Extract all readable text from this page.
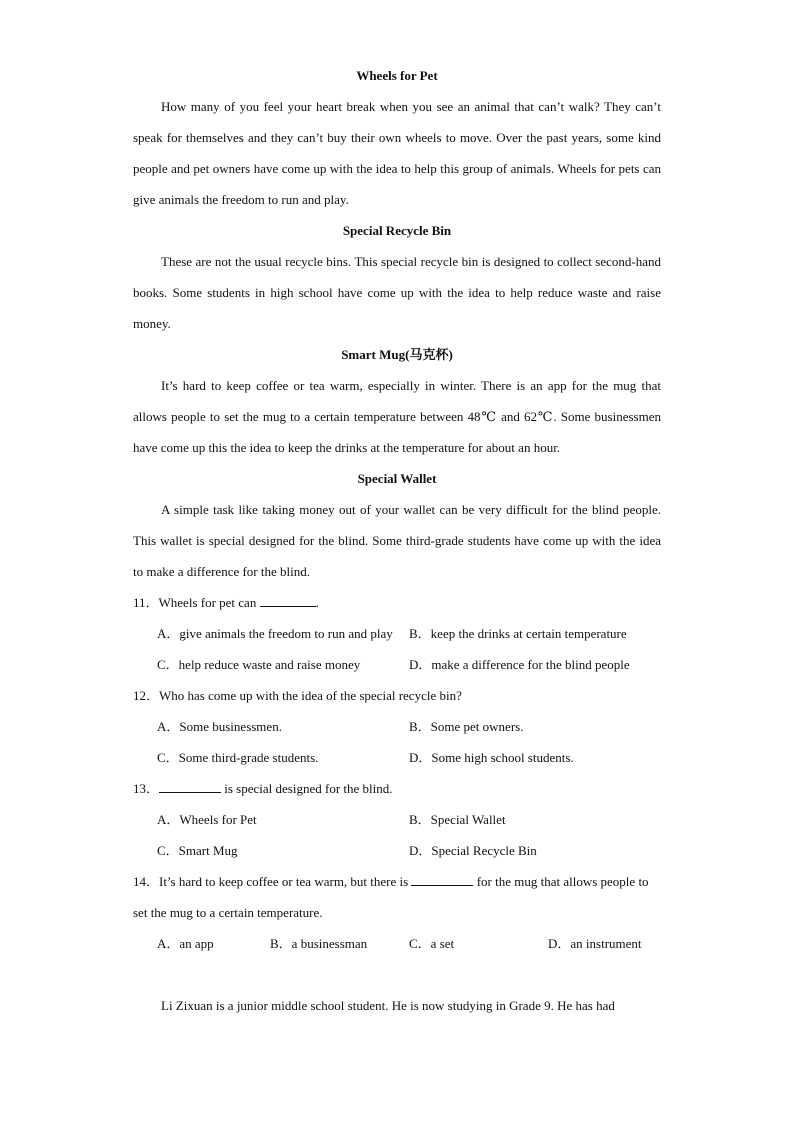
Wheels for Pet

How many of you feel your heart break when you see an animal that can’t walk? They can’t speak for themselves and they can’t buy their own wheels to move. Over the past years, some kind people and pet owners have come up with the idea to help this group of animals. Wheels for pets can give animals the freedom to run and play.

Special Recycle Bin

These are not the usual recycle bins. This special recycle bin is designed to collect second-hand books. Some students in high school have come up with the idea to help reduce waste and raise money.

Smart Mug(马克杯)

It’s hard to keep coffee or tea warm, especially in winter. There is an app for the mug that allows people to set the mug to a certain temperature between 48℃ and 62℃. Some businessmen have come up this the idea to keep the drinks at the temperature for about an hour.

Special Wallet

A simple task like taking money out of your wallet can be very difficult for the blind people. This wallet is special designed for the blind. Some third-grade students have come up with the idea to make a difference for the blind.

11．Wheels for pet can	.
A．give animals the freedom to run and play B．keep the drinks at certain temperature
C．help reduce waste and raise money	D．make a difference for the blind people
12．Who has come up with the idea of the special recycle bin?
A．Some businessmen.	B．Some pet owners.
C．Some third-grade students.	D．Some high school students.
13．	is special designed for the blind.
A．Wheels for Pet	B．Special Wallet
C．Smart Mug	D．Special Recycle Bin
14．It’s hard to keep coffee or tea warm, but there is	for the mug that allows people to set the mug to a certain temperature.
A．an app	B．a businessman	C．a set	D．an instrument

Li Zixuan is a junior middle school student. He is now studying in Grade 9. He has had
